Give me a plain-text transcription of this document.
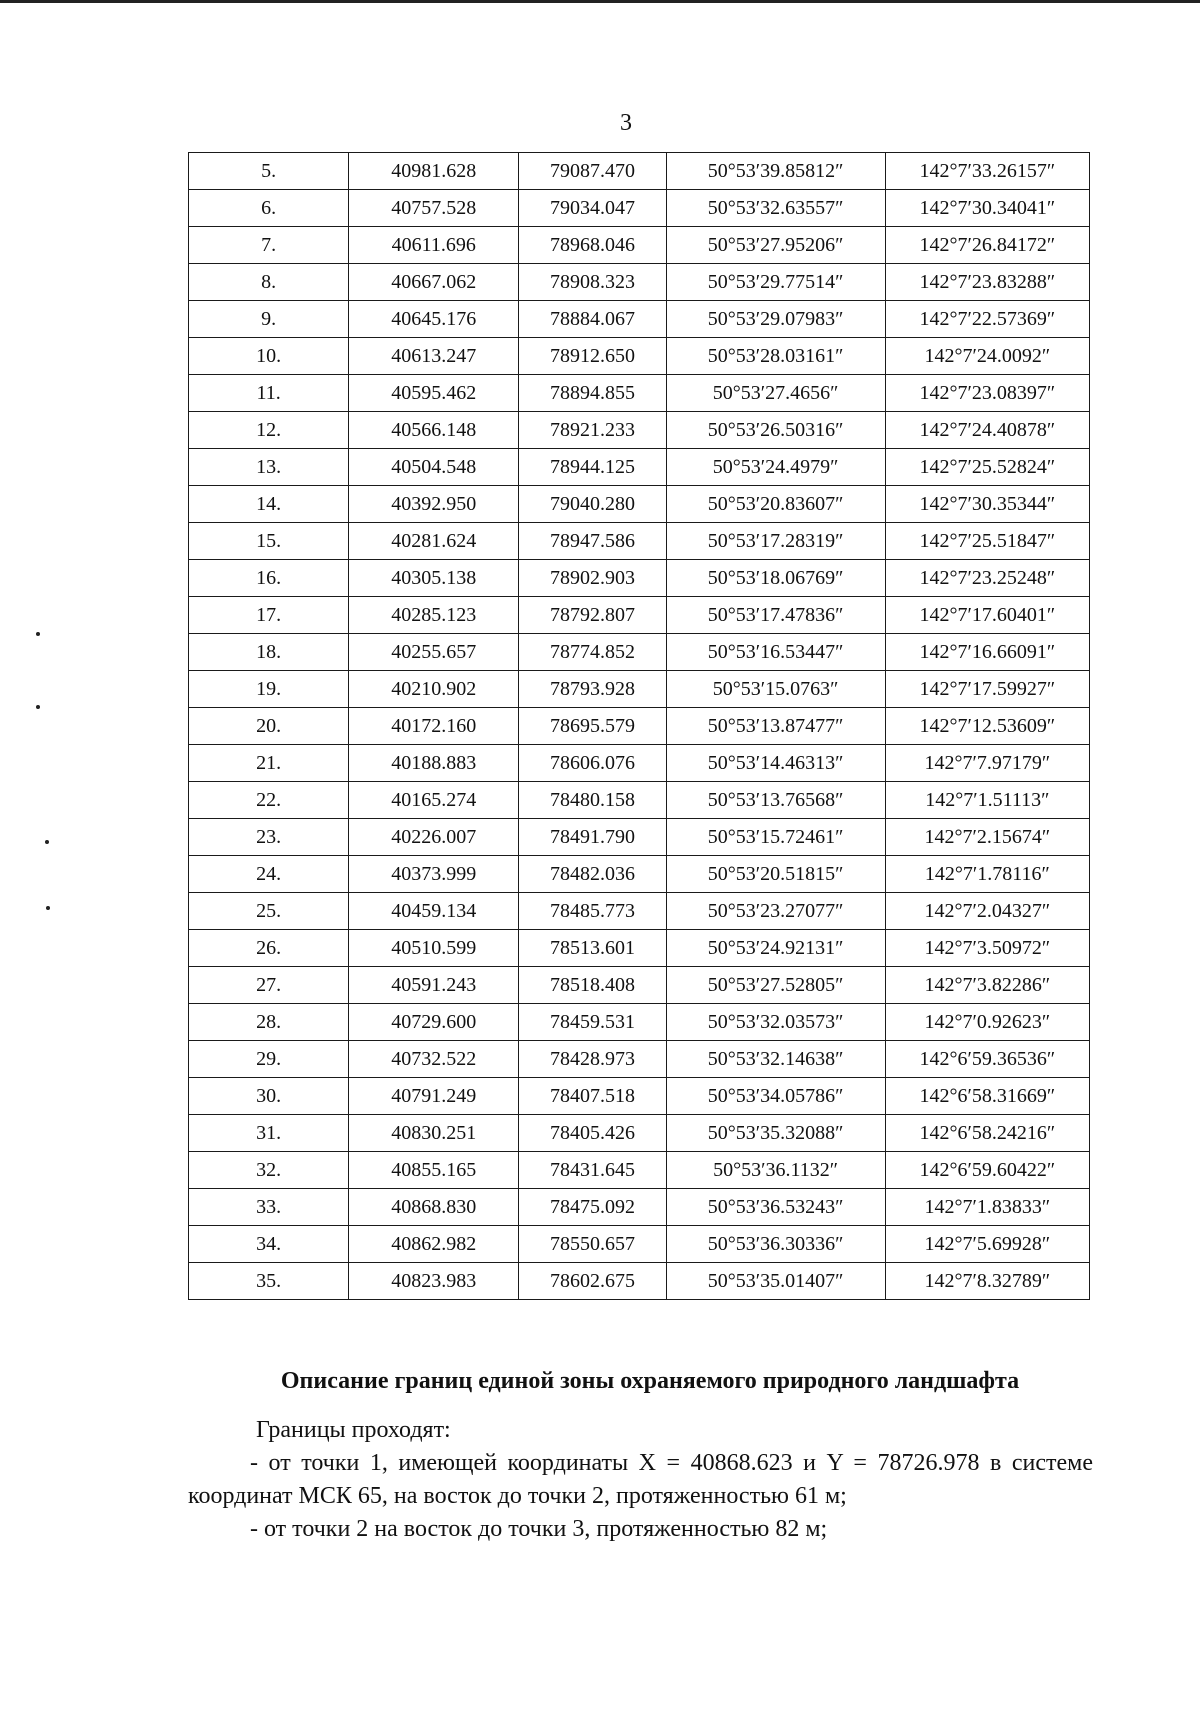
3
5.	40981.628	79087.470	50°53′39.85812″	142°7′33.26157″
6.	40757.528	79034.047	50°53′32.63557″	142°7′30.34041″
7.	40611.696	78968.046	50°53′27.95206″	142°7′26.84172″
8.	40667.062	78908.323	50°53′29.77514″	142°7′23.83288″
9.	40645.176	78884.067	50°53′29.07983″	142°7′22.57369″
10.	40613.247	78912.650	50°53′28.03161″	142°7′24.0092″
11.	40595.462	78894.855	50°53′27.4656″	142°7′23.08397″
12.	40566.148	78921.233	50°53′26.50316″	142°7′24.40878″
13.	40504.548	78944.125	50°53′24.4979″	142°7′25.52824″
14.	40392.950	79040.280	50°53′20.83607″	142°7′30.35344″
15.	40281.624	78947.586	50°53′17.28319″	142°7′25.51847″
16.	40305.138	78902.903	50°53′18.06769″	142°7′23.25248″
17.	40285.123	78792.807	50°53′17.47836″	142°7′17.60401″
18.	40255.657	78774.852	50°53′16.53447″	142°7′16.66091″
19.	40210.902	78793.928	50°53′15.0763″	142°7′17.59927″
20.	40172.160	78695.579	50°53′13.87477″	142°7′12.53609″
21.	40188.883	78606.076	50°53′14.46313″	142°7′7.97179″
22.	40165.274	78480.158	50°53′13.76568″	142°7′1.51113″
23.	40226.007	78491.790	50°53′15.72461″	142°7′2.15674″
24.	40373.999	78482.036	50°53′20.51815″	142°7′1.78116″
25.	40459.134	78485.773	50°53′23.27077″	142°7′2.04327″
26.	40510.599	78513.601	50°53′24.92131″	142°7′3.50972″
27.	40591.243	78518.408	50°53′27.52805″	142°7′3.82286″
28.	40729.600	78459.531	50°53′32.03573″	142°7′0.92623″
29.	40732.522	78428.973	50°53′32.14638″	142°6′59.36536″
30.	40791.249	78407.518	50°53′34.05786″	142°6′58.31669″
31.	40830.251	78405.426	50°53′35.32088″	142°6′58.24216″
32.	40855.165	78431.645	50°53′36.1132″	142°6′59.60422″
33.	40868.830	78475.092	50°53′36.53243″	142°7′1.83833″
34.	40862.982	78550.657	50°53′36.30336″	142°7′5.69928″
35.	40823.983	78602.675	50°53′35.01407″	142°7′8.32789″
Описание границ единой зоны охраняемого природного ландшафта

Границы проходят:

- от точки 1, имеющей координаты X = 40868.623 и Y = 78726.978 в системе координат МСК 65, на восток до точки 2, протяженностью 61 м;

- от точки 2 на восток до точки 3, протяженностью 82 м;
